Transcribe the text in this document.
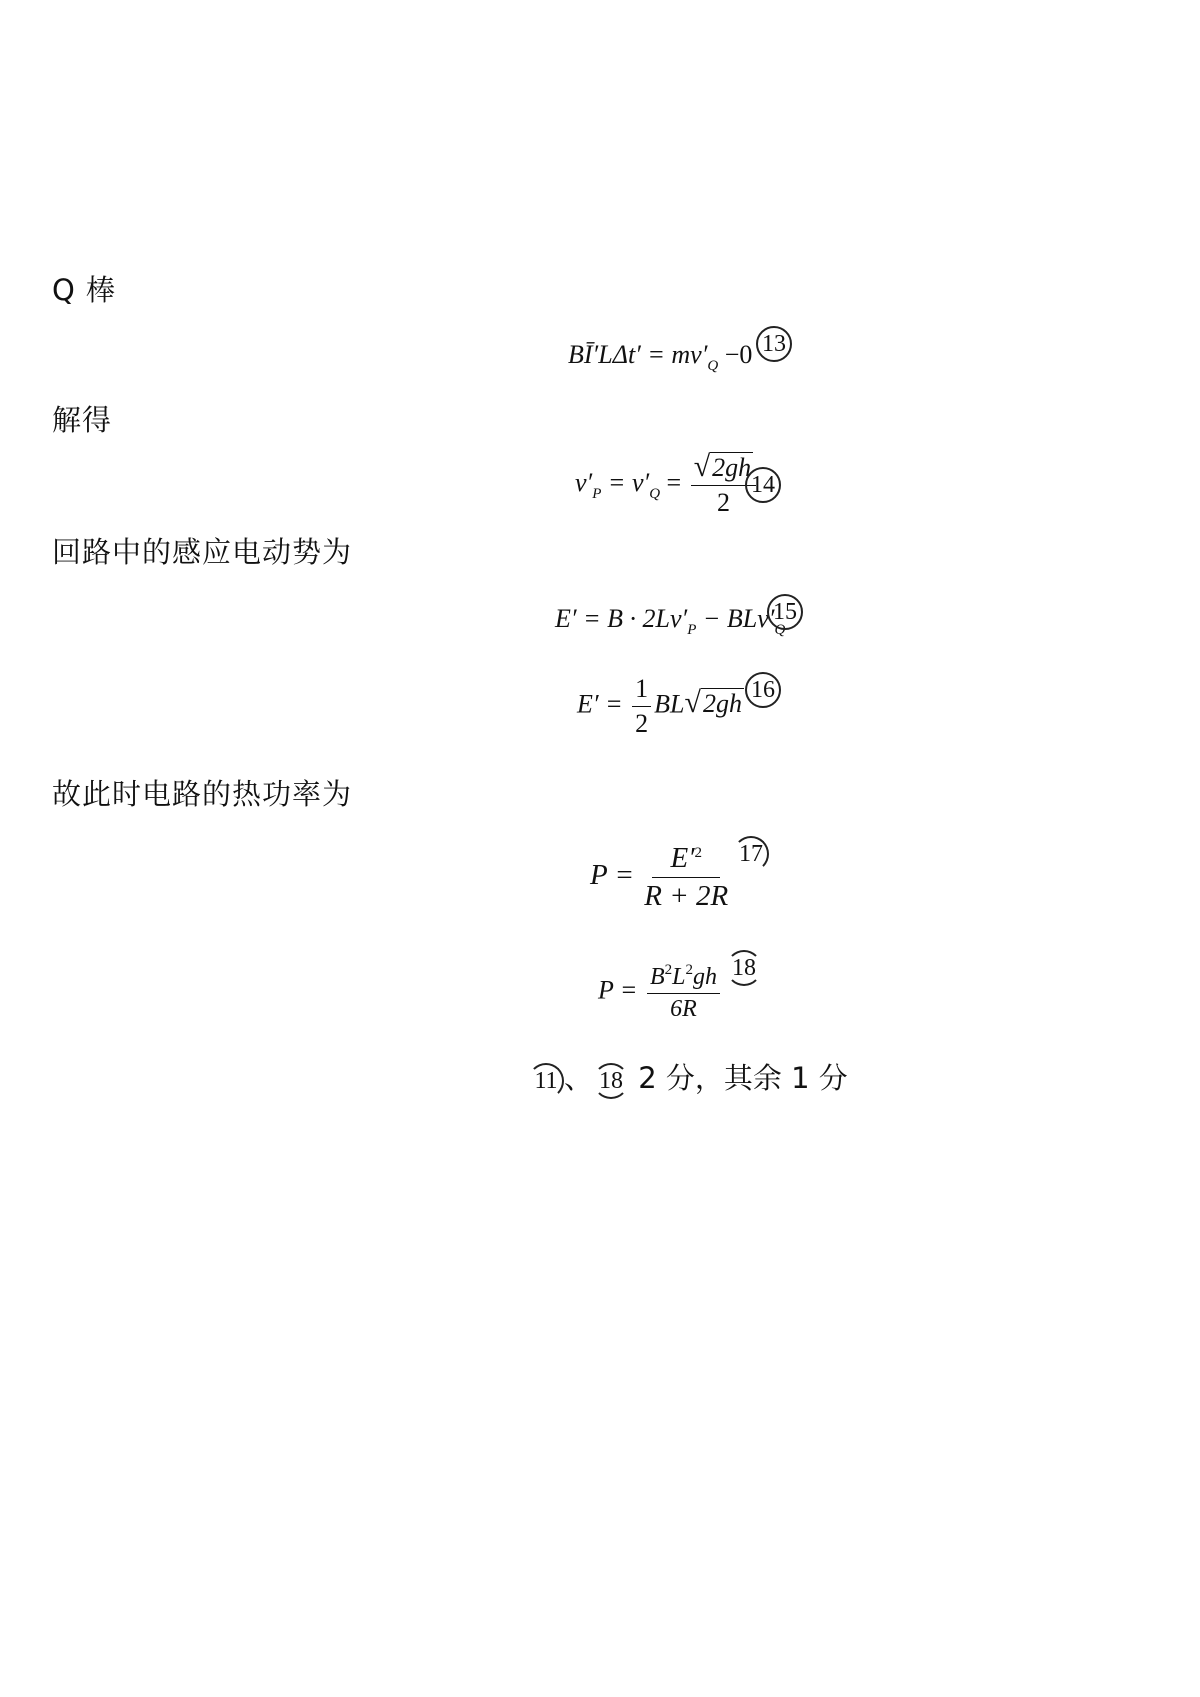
Q 棒
解得
回路中的感应电动势为
故此时电路的热功率为
BĪ′LΔt′ = $mv'_Q -0$ 13
$v'_P = v'_Q = \frac{√ 2gh}{2}$
14
$E' = B \cdot 2Lv'_P - BLv'_Q$
15
$E' = \frac{1}{2}$ BL √ 2gh 16
$P = \frac{E'^2}{R + 2R} 17$
$P = \frac{B^2L^2gh}{6R} 18$
11 、 18 2 分，其余 1 分
